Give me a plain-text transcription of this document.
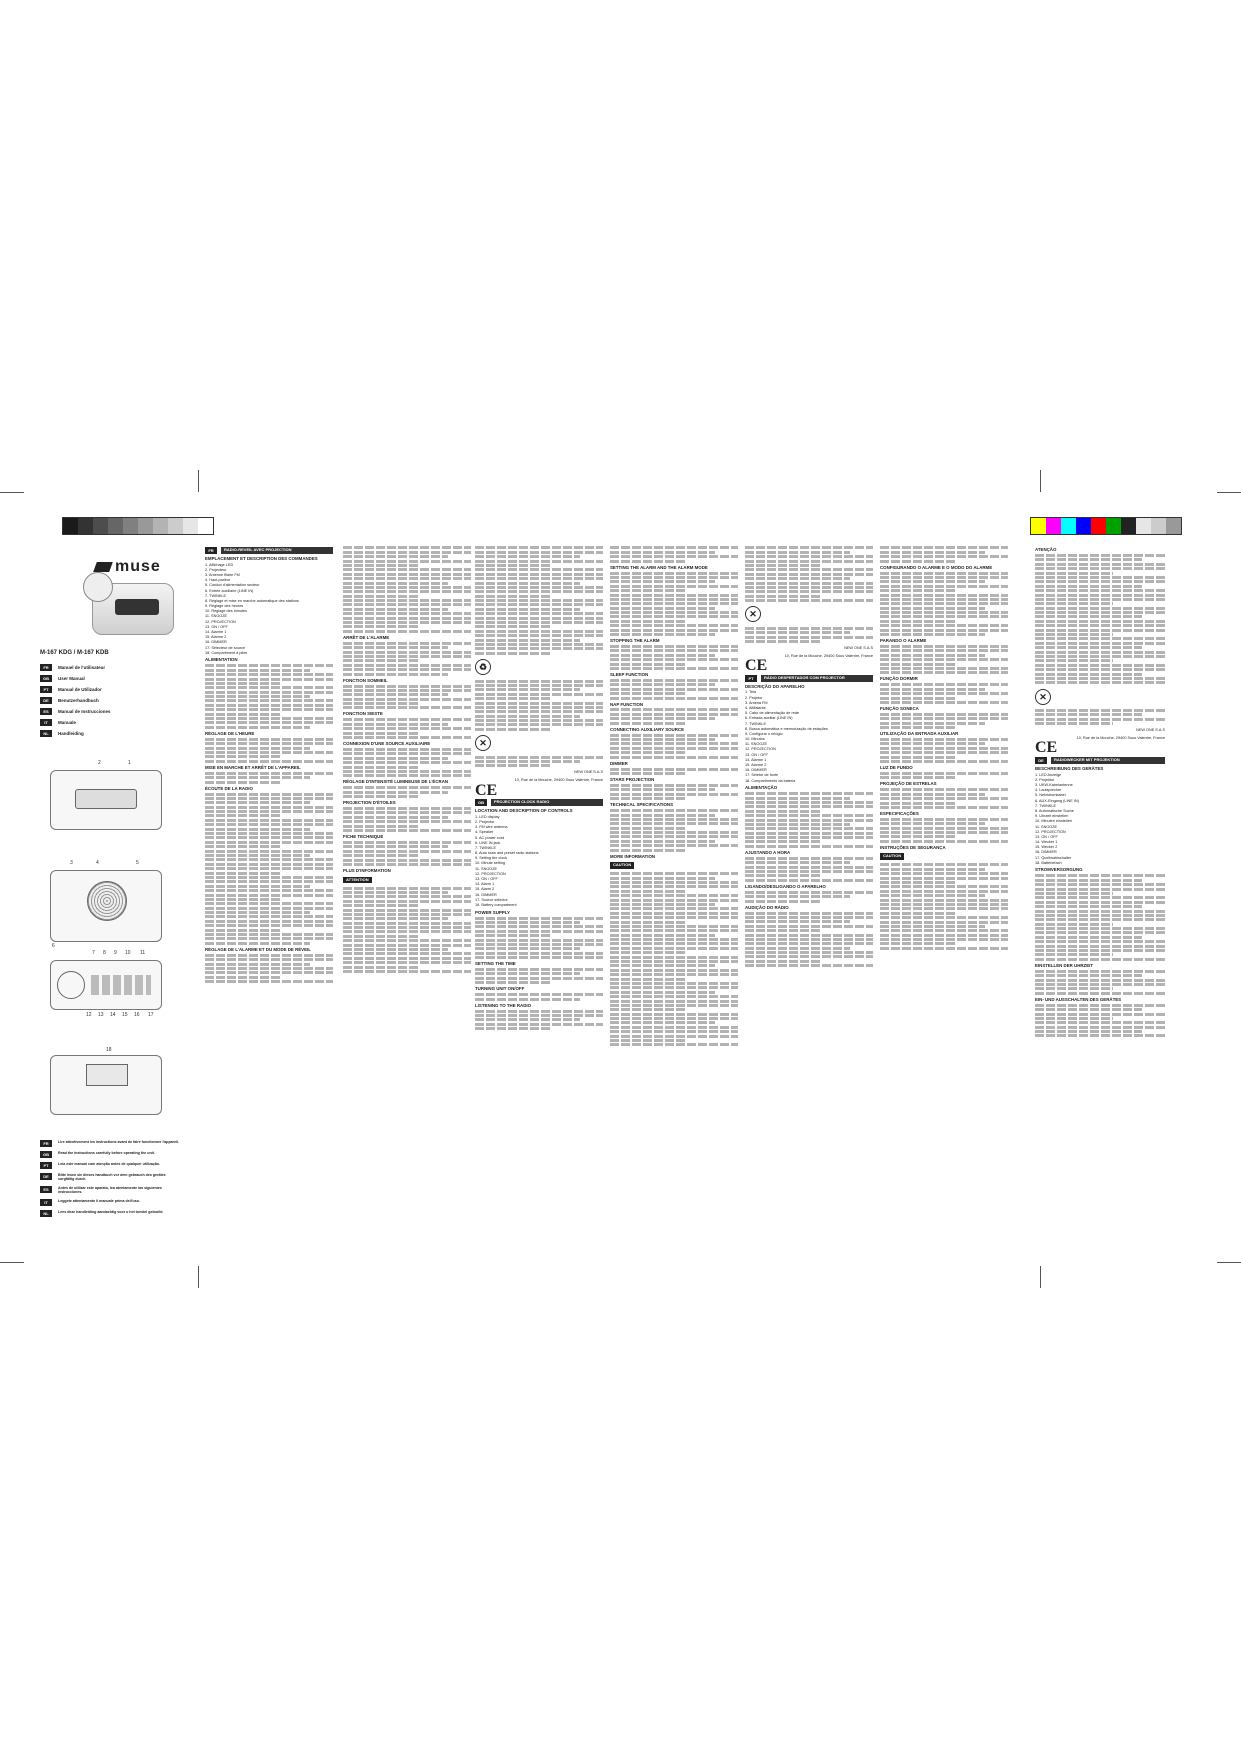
muse
M-167 KDG / M-167 KDB
FR	Manuel de l'utilisateur
GB	User Manual
PT	Manual de Utilizador
DE	Benutzerhandbuch
ES	Manual de Instrucciones
IT	Manuale
NL	Handleiding
2	1
3	4	5
6
7 8 9 10 11
12 13 14 15 16 17
18
FR	Lire attentivement les instructions avant de faire fonctionner l'appareil.
GB	Read the instructions carefully before operating the unit.
PT	Leia este manual com atenção antes de qualquer utilização.
DE	Bitte lesen sie dieses handbuch vor dem gebrauch des gerätes sorgfältig durch.
ES	Antes de utilizar este aparato, lea atentamente las siguientes instrucciones.
IT	Leggete attentamente il manuale prima dell'uso.
NL	Lees deze handleiding aandachtig voor u het toestel gebruikt.
FR	RADIO-REVEIL AVEC PROJECTION
EMPLACEMENT ET DESCRIPTION DES COMMANDES
1. Affichage LED
2. Projecteur
3. Antenne filaire FM
4. Haut-parleur
5. Cordon d'alimentation secteur
6. Entrée auxiliaire (LINE IN)
7. TWINKLE
8. Réglage et mise en marche automatique des stations
9. Réglage des heures
10. Réglage des minutes
11. SNOOZE
12. PROJECTION
13. ON / OFF
14. Alarme 1
15. Alarme 2
16. DIMMER
17. Sélecteur de source
18. Compartiment à piles
ALIMENTATION
RÉGLAGE DE L'HEURE
MISE EN MARCHE ET ARRÊT DE L'APPAREIL
ÉCOUTE DE LA RADIO
RÉGLAGE DE L'ALARME ET DU MODE DE RÉVEIL
ARRÊT DE L'ALARME
FONCTION SOMMEIL
FONCTION SIESTE
CONNEXION D'UNE SOURCE AUXILIAIRE
RÉGLAGE D'INTENSITÉ LUMINEUSE DE L'ÉCRAN
PROJECTION D'ÉTOILES
FICHE TECHNIQUE
PLUS D'INFORMATION
ATTENTION
♻
✕
NEW ONE S.A.S
10, Rue de la Mouche, 29400 Sous Valentre, France
CE
GB	PROJECTION CLOCK RADIO
LOCATION AND DESCRIPTION OF CONTROLS
1. LED display
2. Projector
3. FM wire antenna
4. Speaker
5. AC power cord
6. LINE IN jack
7. TWINKLE
8. Auto scan and preset radio stations
9. Setting the clock
10. Minute setting
11. SNOOZE
12. PROJECTION
13. ON / OFF
14. Alarm 1
15. Alarm 2
16. DIMMER
17. Source selector
18. Battery compartment
POWER SUPPLY
SETTING THE TIME
TURNING UNIT ON/OFF
LISTENING TO THE RADIO
SETTING THE ALARM AND THE ALARM MODE
STOPPING THE ALARM
SLEEP FUNCTION
NAP FUNCTION
CONNECTING AUXILIARY SOURCE
DIMMER
STARS PROJECTION
TECHNICAL SPECIFICATIONS
MORE INFORMATION
CAUTION
✕
NEW ONE S.A.S
10, Rue de la Mouche, 29400 Sous Valentre, France
CE
PT	RÁDIO DESPERTADOR COM PROJECTOR
DESCRIÇÃO DO APARELHO
1. Tela
2. Projetor
3. Antena FM
4. Altifalante
5. Cabo de alimentação de rede
6. Entrada auxiliar (LINE IN)
7. TWINKLE
8. Busca automática e memorização de estações
9. Configurar o relógio
10. Minutos
11. SNOOZE
12. PROJECTION
13. ON / OFF
14. Alarme 1
15. Alarme 2
16. DIMMER
17. Seletor de fonte
18. Compartimento da bateria
ALIMENTAÇÃO
AJUSTANDO A HORA
LIGANDO/DESLIGANDO O APARELHO
AUDIÇÃO DO RÁDIO
CONFIGURANDO O ALARME E O MODO DO ALARME
PARANDO O ALARME
FUNÇÃO DORMIR
FUNÇÃO SONECA
UTILIZAÇÃO DA ENTRADA AUXILIAR
LUZ DE FUNDO
PROJEÇÃO DE ESTRELAS
ESPECIFICAÇÕES
INSTRUÇÕES DE SEGURANÇA
CAUTION
ATENÇÃO
✕
NEW ONE S.A.S
10, Rue de la Mouche, 29400 Sous Valentre, France
CE
DE	RADIOWECKER MIT PROJEKTION
BESCHREIBUNG DES GERÄTES
1. LED Anzeige
2. Projektor
3. UKW-Kabelantenne
4. Lautsprecher
5. Netzstromkabel
6. AUX-Eingang (LINE IN)
7. TWINKLE
8. Automatische Suche
9. Uhrzeit einstellen
10. Minuten einstellen
11. SNOOZE
12. PROJECTION
13. ON / OFF
14. Wecker 1
15. Wecker 2
16. DIMMER
17. Quellwahlschalter
18. Batteriefach
STROMVERSORGUNG
EINSTELLEN DER UHRZEIT
EIN- UND AUSSCHALTEN DES GERÄTES
